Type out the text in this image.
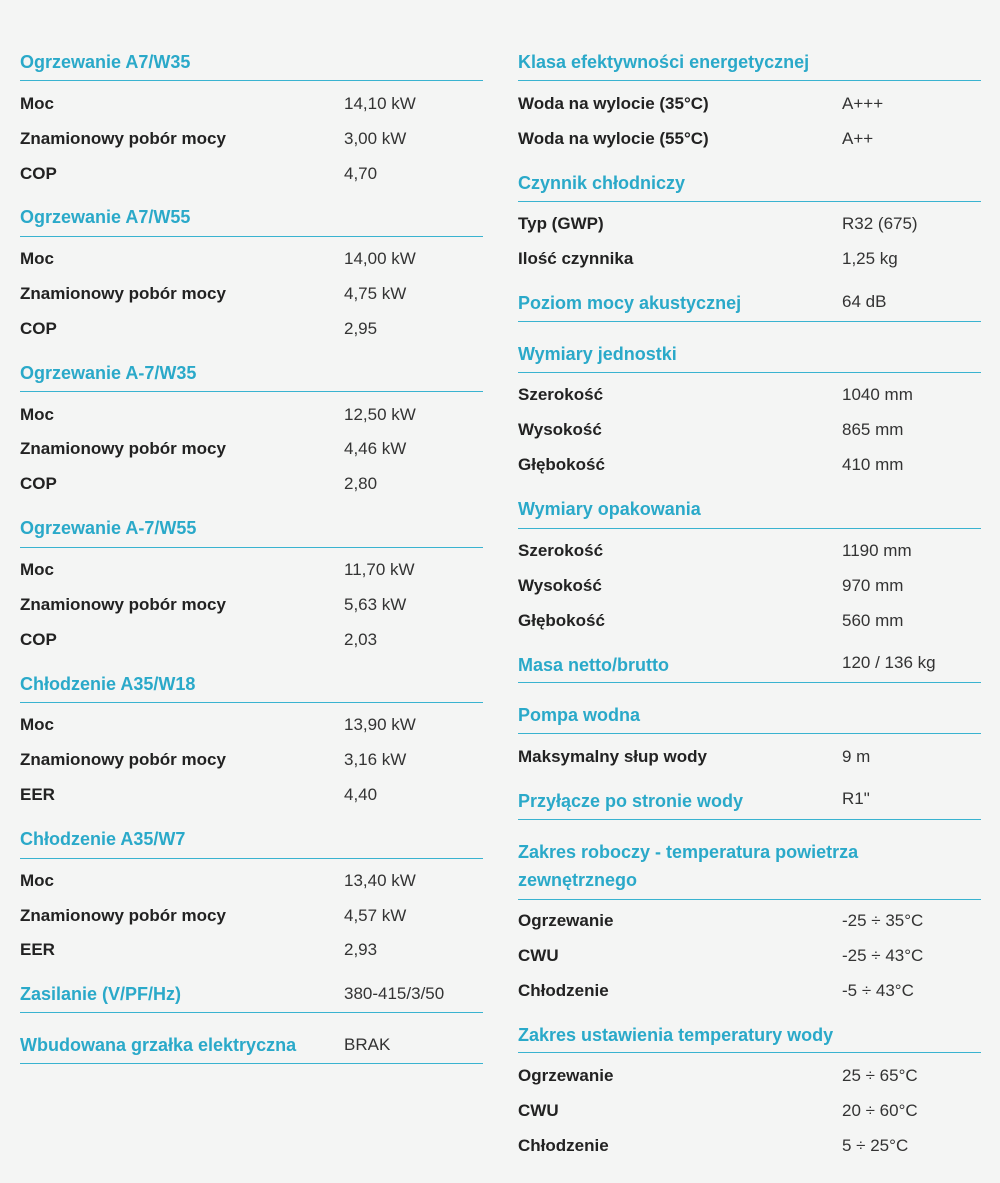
Ogrzewanie A7/W35
Moc	14,10 kW
Znamionowy pobór mocy	3,00 kW
COP	4,70
Ogrzewanie A7/W55
Moc	14,00 kW
Znamionowy pobór mocy	4,75 kW
COP	2,95
Ogrzewanie A-7/W35
Moc	12,50 kW
Znamionowy pobór mocy	4,46 kW
COP	2,80
Ogrzewanie A-7/W55
Moc	11,70 kW
Znamionowy pobór mocy	5,63 kW
COP	2,03
Chłodzenie A35/W18
Moc	13,90 kW
Znamionowy pobór mocy	3,16 kW
EER	4,40
Chłodzenie A35/W7
Moc	13,40 kW
Znamionowy pobór mocy	4,57 kW
EER	2,93
Zasilanie (V/PF/Hz)	380-415/3/50
Wbudowana grzałka elektryczna	BRAK
Klasa efektywności energetycznej
Woda na wylocie (35°C)	A+++
Woda na wylocie (55°C)	A++
Czynnik chłodniczy
Typ (GWP)	R32 (675)
Ilość czynnika	1,25 kg
Poziom mocy akustycznej	64 dB
Wymiary jednostki
Szerokość	1040 mm
Wysokość	865 mm
Głębokość	410 mm
Wymiary opakowania
Szerokość	1190 mm
Wysokość	970 mm
Głębokość	560 mm
Masa netto/brutto	120 / 136 kg
Pompa wodna
Maksymalny słup wody	9 m
Przyłącze po stronie wody	R1"
Zakres roboczy - temperatura powietrza zewnętrznego
Ogrzewanie	-25 ÷ 35°C
CWU	-25 ÷ 43°C
Chłodzenie	-5 ÷ 43°C
Zakres ustawienia temperatury wody
Ogrzewanie	25 ÷ 65°C
CWU	20 ÷ 60°C
Chłodzenie	5 ÷ 25°C
